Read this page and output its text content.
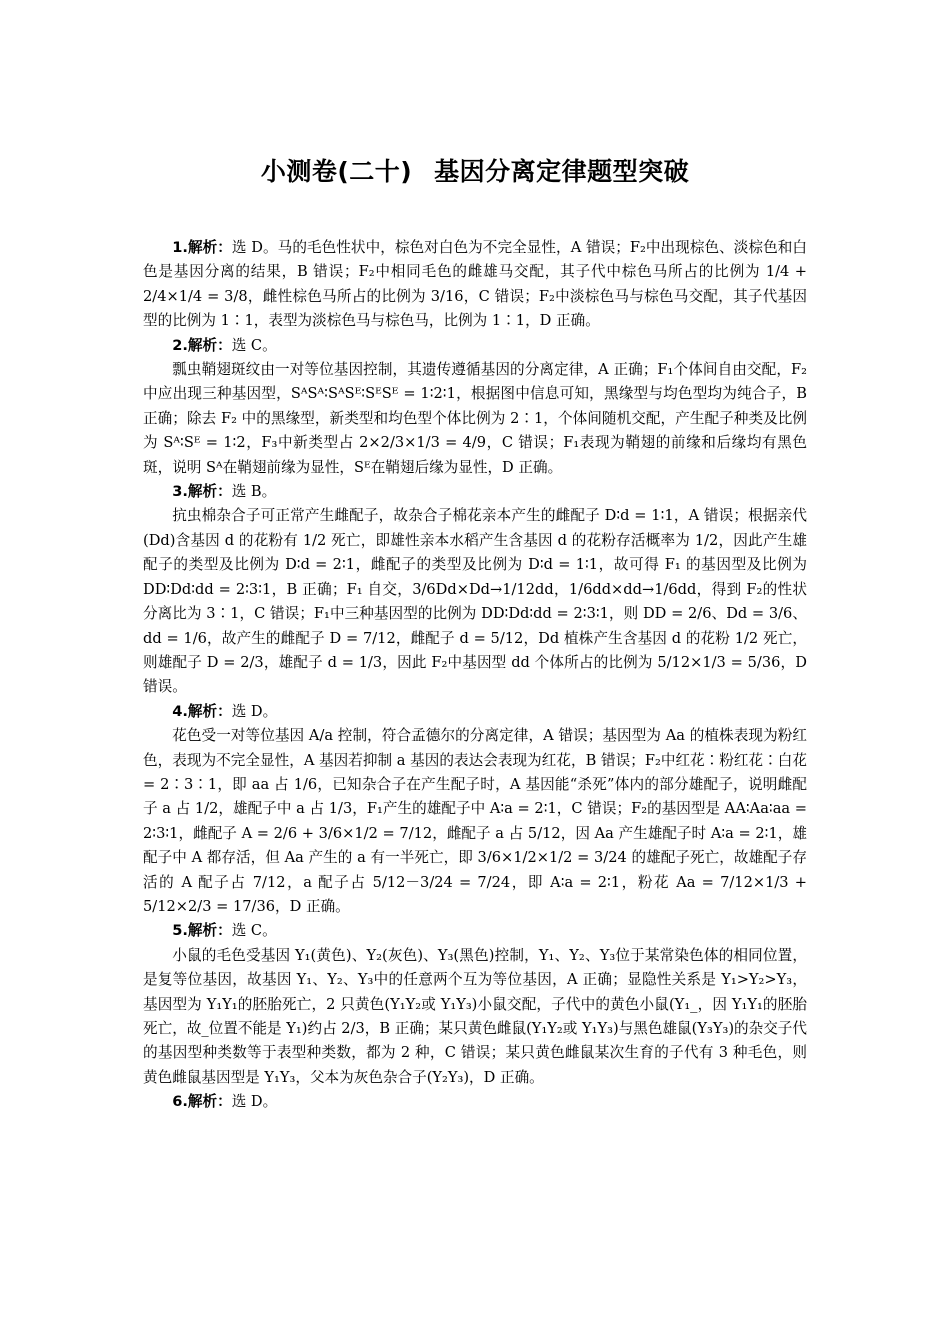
小测卷(二十) 基因分离定律题型突破

1.解析：选 D。马的毛色性状中，棕色对白色为不完全显性，A 错误；F₂中出现棕色、淡棕色和白色是基因分离的结果，B 错误；F₂中相同毛色的雌雄马交配，其子代中棕色马所占的比例为 1/4 + 2/4×1/4 = 3/8，雌性棕色马所占的比例为 3/16，C 错误；F₂中淡棕色马与棕色马交配，其子代基因型的比例为 1∶1，表型为淡棕色马与棕色马，比例为 1∶1，D 正确。

2.解析：选 C。

瓢虫鞘翅斑纹由一对等位基因控制，其遗传遵循基因的分离定律，A 正确；F₁个体间自由交配，F₂中应出现三种基因型，SᴬSᴬ∶SᴬSᴱ∶SᴱSᴱ = 1∶2∶1，根据图中信息可知，黑缘型与均色型均为纯合子，B 正确；除去 F₂ 中的黑缘型，新类型和均色型个体比例为 2∶1，个体间随机交配，产生配子种类及比例为 Sᴬ∶Sᴱ = 1∶2，F₃中新类型占 2×2/3×1/3 = 4/9，C 错误；F₁表现为鞘翅的前缘和后缘均有黑色斑，说明 Sᴬ在鞘翅前缘为显性，Sᴱ在鞘翅后缘为显性，D 正确。

3.解析：选 B。

抗虫棉杂合子可正常产生雌配子，故杂合子棉花亲本产生的雌配子 D∶d = 1∶1，A 错误；根据亲代(Dd)含基因 d 的花粉有 1/2 死亡，即雄性亲本水稻产生含基因 d 的花粉存活概率为 1/2，因此产生雄配子的类型及比例为 D∶d = 2∶1，雌配子的类型及比例为 D∶d = 1∶1，故可得 F₁ 的基因型及比例为 DD∶Dd∶dd = 2∶3∶1，B 正确；F₁ 自交，3/6Dd×Dd→1/12dd，1/6dd×dd→1/6dd，得到 F₂的性状分离比为 3∶1，C 错误；F₁中三种基因型的比例为 DD∶Dd∶dd = 2∶3∶1，则 DD = 2/6、Dd = 3/6、dd = 1/6，故产生的雌配子 D = 7/12，雌配子 d = 5/12，Dd 植株产生含基因 d 的花粉 1/2 死亡，则雄配子 D = 2/3，雄配子 d = 1/3，因此 F₂中基因型 dd 个体所占的比例为 5/12×1/3 = 5/36，D 错误。

4.解析：选 D。

花色受一对等位基因 A/a 控制，符合孟德尔的分离定律，A 错误；基因型为 Aa 的植株表现为粉红色，表现为不完全显性，A 基因若抑制 a 基因的表达会表现为红花，B 错误；F₂中红花∶粉红花∶白花 = 2∶3∶1，即 aa 占 1/6，已知杂合子在产生配子时，A 基因能“杀死”体内的部分雄配子，说明雌配子 a 占 1/2，雄配子中 a 占 1/3，F₁产生的雄配子中 A∶a = 2∶1，C 错误；F₂的基因型是 AA∶Aa∶aa = 2∶3∶1，雌配子 A = 2/6 + 3/6×1/2 = 7/12，雌配子 a 占 5/12，因 Aa 产生雄配子时 A∶a = 2∶1，雄配子中 A 都存活，但 Aa 产生的 a 有一半死亡，即 3/6×1/2×1/2 = 3/24 的雄配子死亡，故雄配子存活的 A 配子占 7/12，a 配子占 5/12－3/24 = 7/24，即 A∶a = 2∶1，粉花 Aa = 7/12×1/3 + 5/12×2/3 = 17/36，D 正确。

5.解析：选 C。

小鼠的毛色受基因 Y₁(黄色)、Y₂(灰色)、Y₃(黑色)控制，Y₁、Y₂、Y₃位于某常染色体的相同位置，是复等位基因，故基因 Y₁、Y₂、Y₃中的任意两个互为等位基因，A 正确；显隐性关系是 Y₁>Y₂>Y₃，基因型为 Y₁Y₁的胚胎死亡，2 只黄色(Y₁Y₂或 Y₁Y₃)小鼠交配，子代中的黄色小鼠(Y₁_，因 Y₁Y₁的胚胎死亡，故_位置不能是 Y₁)约占 2/3，B 正确；某只黄色雌鼠(Y₁Y₂或 Y₁Y₃)与黑色雄鼠(Y₃Y₃)的杂交子代的基因型种类数等于表型种类数，都为 2 种，C 错误；某只黄色雌鼠某次生育的子代有 3 种毛色，则黄色雌鼠基因型是 Y₁Y₃，父本为灰色杂合子(Y₂Y₃)，D 正确。

6.解析：选 D。
